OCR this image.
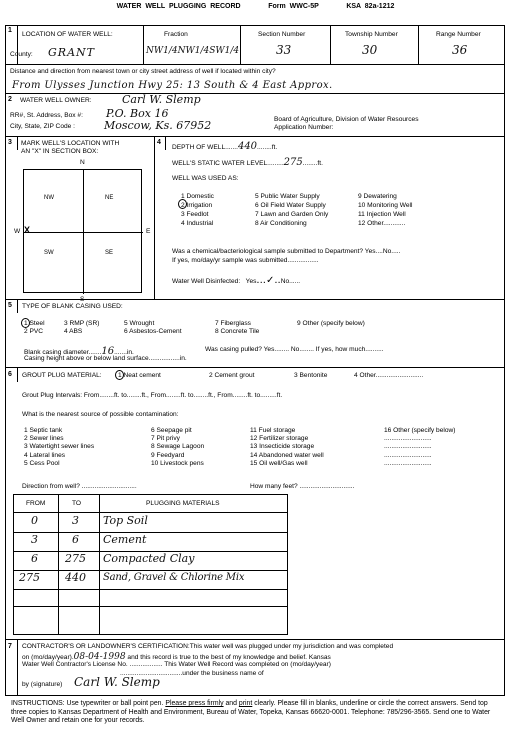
WATER WELL PLUGGING RECORD	Form WWC-5P	KSA 82a-1212
1
LOCATION OF WATER WELL:
County: GRANT
Fraction
NW1/4NW1/4SW1/4
Section Number
33
Township Number
30
Range Number
36
Distance and direction from nearest town or city street address of well if located within city?
From Ulysses Junction Hwy 25: 13 South & 4 East Approx.
2 WATER WELL OWNER:	Carl W. Slemp
RR#, St. Address, Box #: P.O. Box 16
City, State, ZIP Code :	Moscow, Ks. 67952	Board of Agriculture, Division of Water Resources
Application Number:
3 MARK WELL'S LOCATION WITH
AN "X" IN SECTION BOX:
NW	NE
SW	SE
X
N
W	E
4
DEPTH OF WELL.......440........ft.
WELL'S STATIC WATER LEVEL.........275........ft.
WELL WAS USED AS:
1 Domestic
2 Irrigation
3 Feedlot
4 Industrial
5 Public Water Supply
6 Oil Field Water Supply
7 Lawn and Garden Only
8 Air Conditioning
9 Dewatering
10 Monitoring Well
11 Injection Well
12 Other............
Was a chemical/bacteriological sample submitted to Department? Yes....No.....
If yes, mo/day/yr sample was submitted.................
Water Well Disinfected: Yes...✓..No......
5 TYPE OF BLANK CASING USED:
1 Steel	3 RMP (SR)	5 Wrought	7 Fiberglass	9 Other (specify below)
2 PVC	4 ABS	6 Asbestos-Cement	8 Concrete Tile
Blank casing diameter.......16.......in.	Was casing pulled? Yes........ No........ If yes, how much..........
Casing height above or below land surface.................in.
6 GROUT PLUG MATERIAL: 1 Neat cement	2 Cement grout	3 Bentonite	4 Other..........................
Grout Plug Intervals: From........ft. to........ft., From........ft. to........ft., From........ft. to.........ft.
What is the nearest source of possible contamination:
1 Septic tank
2 Sewer lines
3 Watertight sewer lines
4 Lateral lines
5 Cess Pool
6 Seepage pit
7 Pit privy
8 Sewage Lagoon
9 Feedyard
10 Livestock pens
11 Fuel storage
12 Fertilizer storage
13 Insecticide storage
14 Abandoned water well
15 Oil well/Gas well
16 Other (specify below)
..........................
..........................
..........................
..........................
Direction from well? ..............................	How many feet? ..............................
FROM	TO	PLUGGING MATERIALS
0	3 Top Soil
3	6 Cement
6 275 Compacted Clay
275 440 Sand, Gravel & Chlorine Mix
7 CONTRACTOR'S OR LANDOWNER'S CERTIFICATION:This water well was plugged under my jurisdiction and was completed
on (mo/day/year).08-04-1998 and this record is true to the best of my knowledge and belief. Kansas
Water Well Contractor's License No. .................. This Water Well Record was completed on (mo/day/year)
..................................under the business name of
by (signature) Carl W. Slemp
INSTRUCTIONS: Use typewriter or ball point pen. Please press firmly and print clearly. Please fill in blanks, underline or circle the correct answers. Send top three copies to Kansas Department of Health and Environment, Bureau of Water, Topeka, Kansas 66620-0001. Telephone: 785/296-3565. Send one to Water Well Owner and retain one for your records.
